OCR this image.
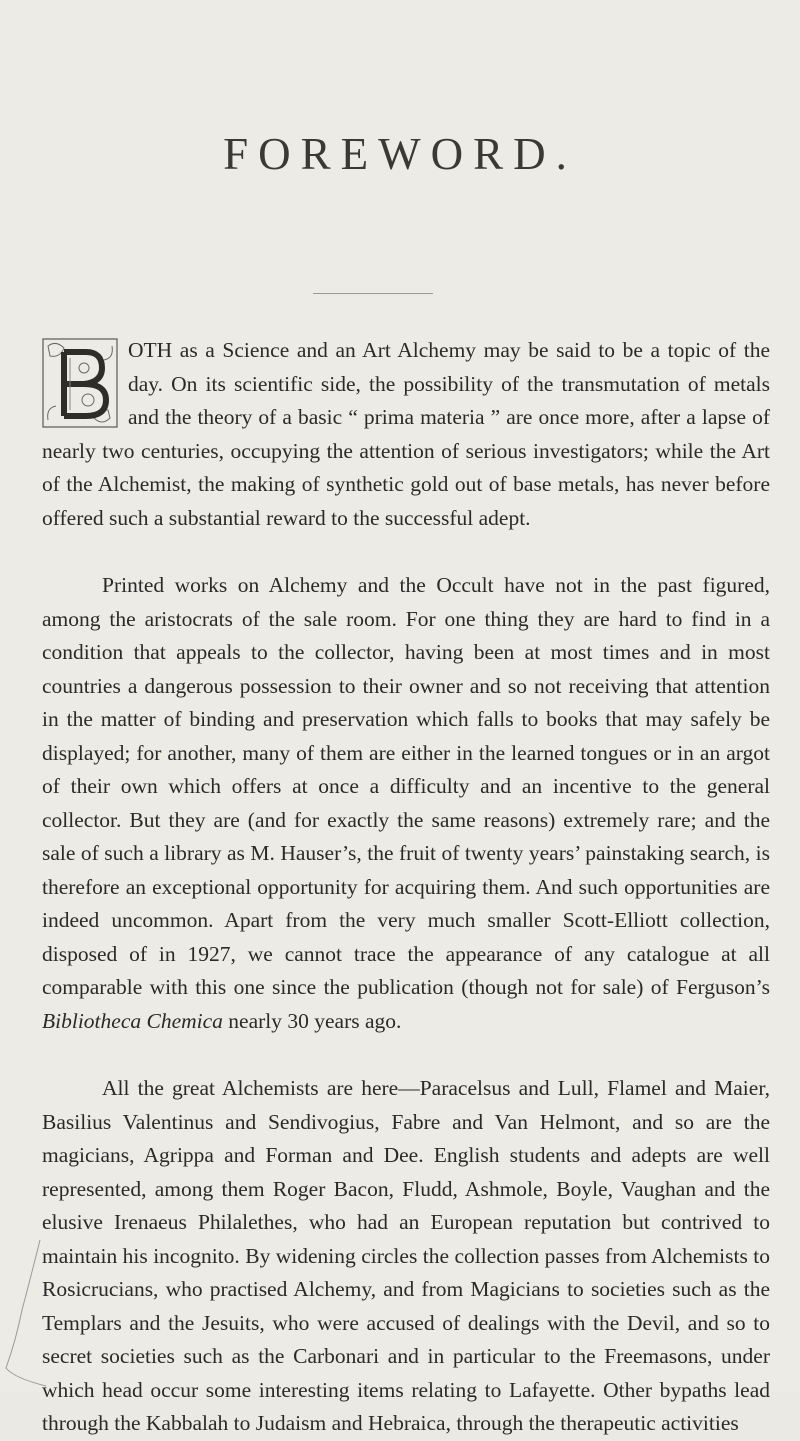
FOREWORD.

OTH as a Science and an Art Alchemy may be said to be a topic of the day. On its scientific side, the possibility of the transmutation of metals and the theory of a basic “ prima materia ” are once more, after a lapse of nearly two centuries, occupying the attention of serious investigators; while the Art of the Alchemist, the making of synthetic gold out of base metals, has never before offered such a substantial reward to the successful adept.

Printed works on Alchemy and the Occult have not in the past figured, among the aristocrats of the sale room. For one thing they are hard to find in a condition that appeals to the collector, having been at most times and in most countries a dangerous possession to their owner and so not receiving that attention in the matter of binding and preservation which falls to books that may safely be displayed; for another, many of them are either in the learned tongues or in an argot of their own which offers at once a difficulty and an incentive to the general collector. But they are (and for exactly the same reasons) extremely rare; and the sale of such a library as M. Hauser’s, the fruit of twenty years’ painstaking search, is therefore an exceptional opportunity for acquiring them. And such opportunities are indeed uncommon. Apart from the very much smaller Scott-Elliott collection, disposed of in 1927, we cannot trace the appearance of any catalogue at all comparable with this one since the publication (though not for sale) of Ferguson’s Bibliotheca Chemica nearly 30 years ago.

All the great Alchemists are here—Paracelsus and Lull, Flamel and Maier, Basilius Valentinus and Sendivogius, Fabre and Van Helmont, and so are the magicians, Agrippa and Forman and Dee. English students and adepts are well represented, among them Roger Bacon, Fludd, Ashmole, Boyle, Vaughan and the elusive Irenaeus Philalethes, who had an European reputation but contrived to maintain his incognito. By widening circles the collection passes from Alchemists to Rosicrucians, who practised Alchemy, and from Magicians to societies such as the Templars and the Jesuits, who were accused of dealings with the Devil, and so to secret societies such as the Carbonari and in particular to the Freemasons, under which head occur some interesting items relating to Lafayette. Other bypaths lead through the Kabbalah to Judaism and Hebraica, through the therapeutic activities
